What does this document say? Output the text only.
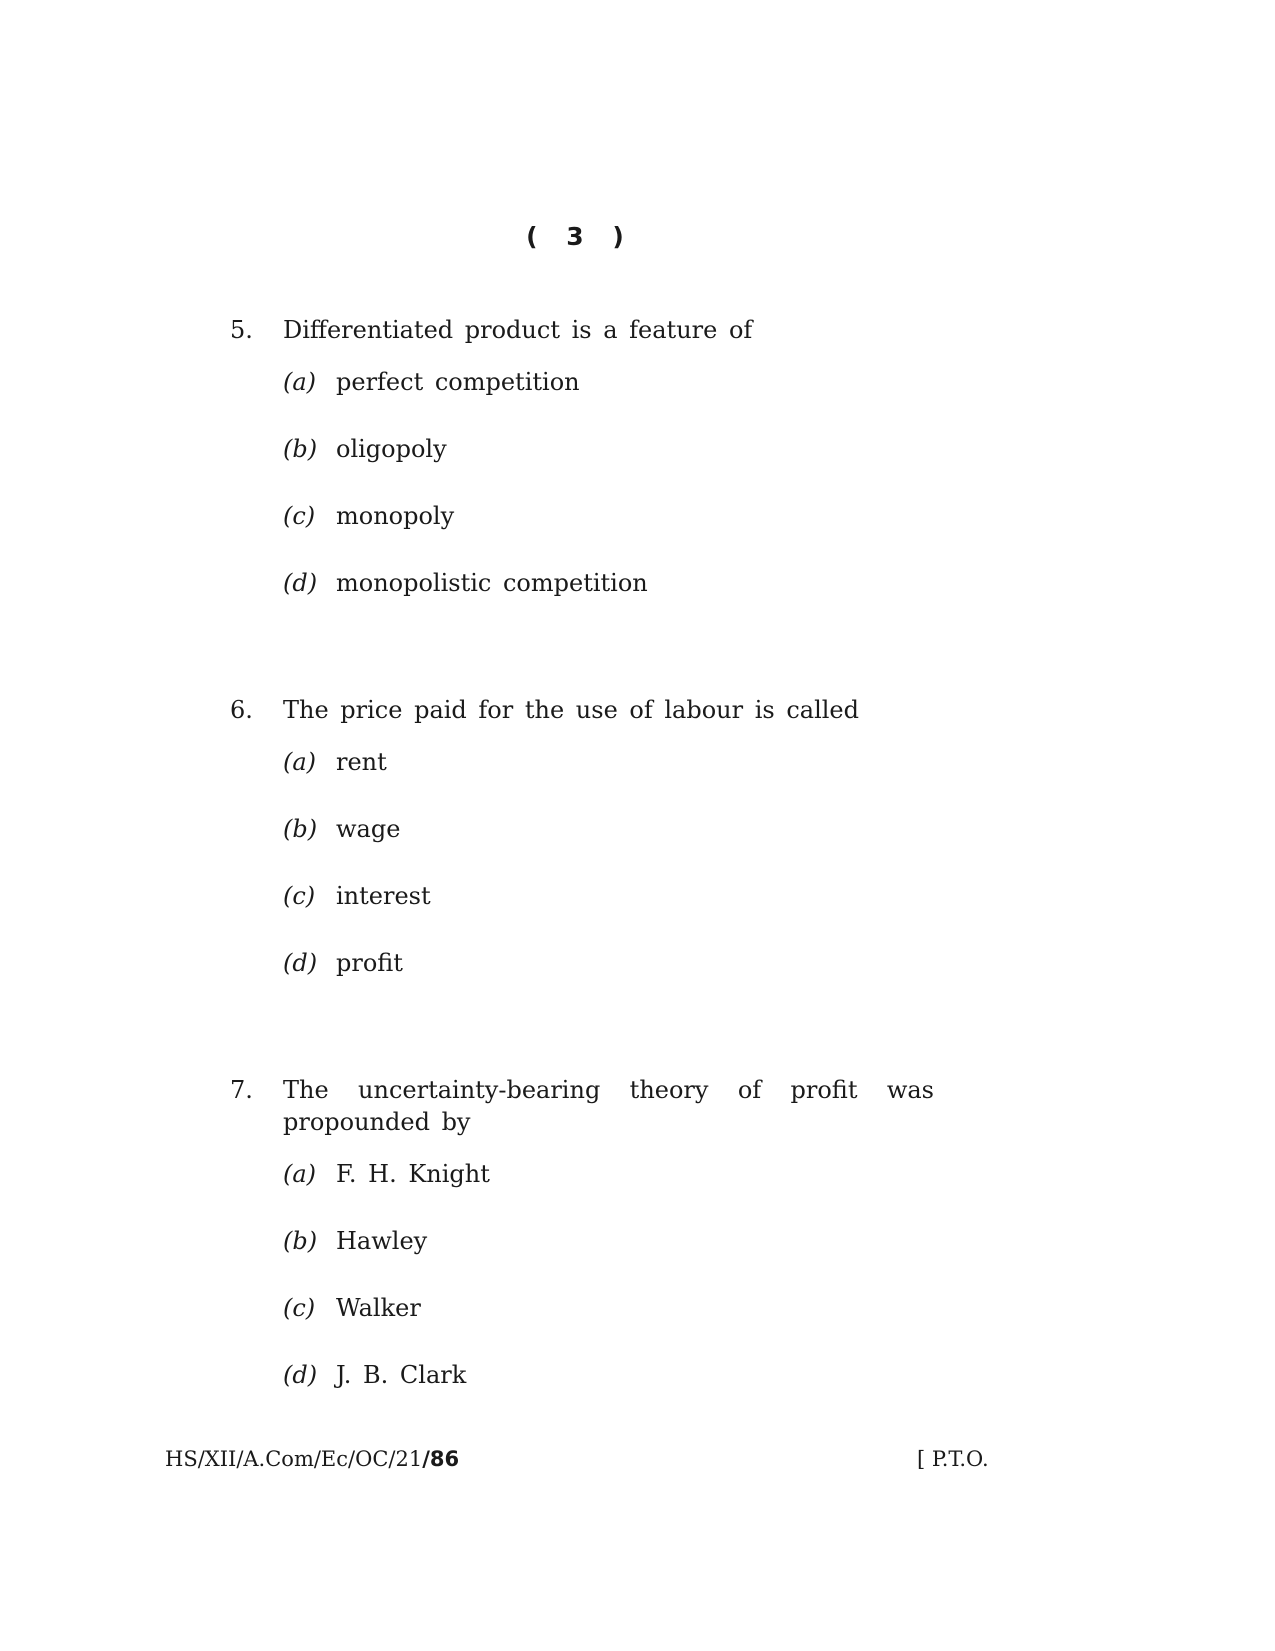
( 3 )
5. Differentiated product is a feature of
(a) perfect competition
(b) oligopoly
(c) monopoly
(d) monopolistic competition
6. The price paid for the use of labour is called
(a) rent
(b) wage
(c) interest
(d) profit
7. The uncertainty-bearing theory of profit was propounded by
(a) F. H. Knight
(b) Hawley
(c) Walker
(d) J. B. Clark
HS/XII/A.Com/Ec/OC/21/86	[ P.T.O.
